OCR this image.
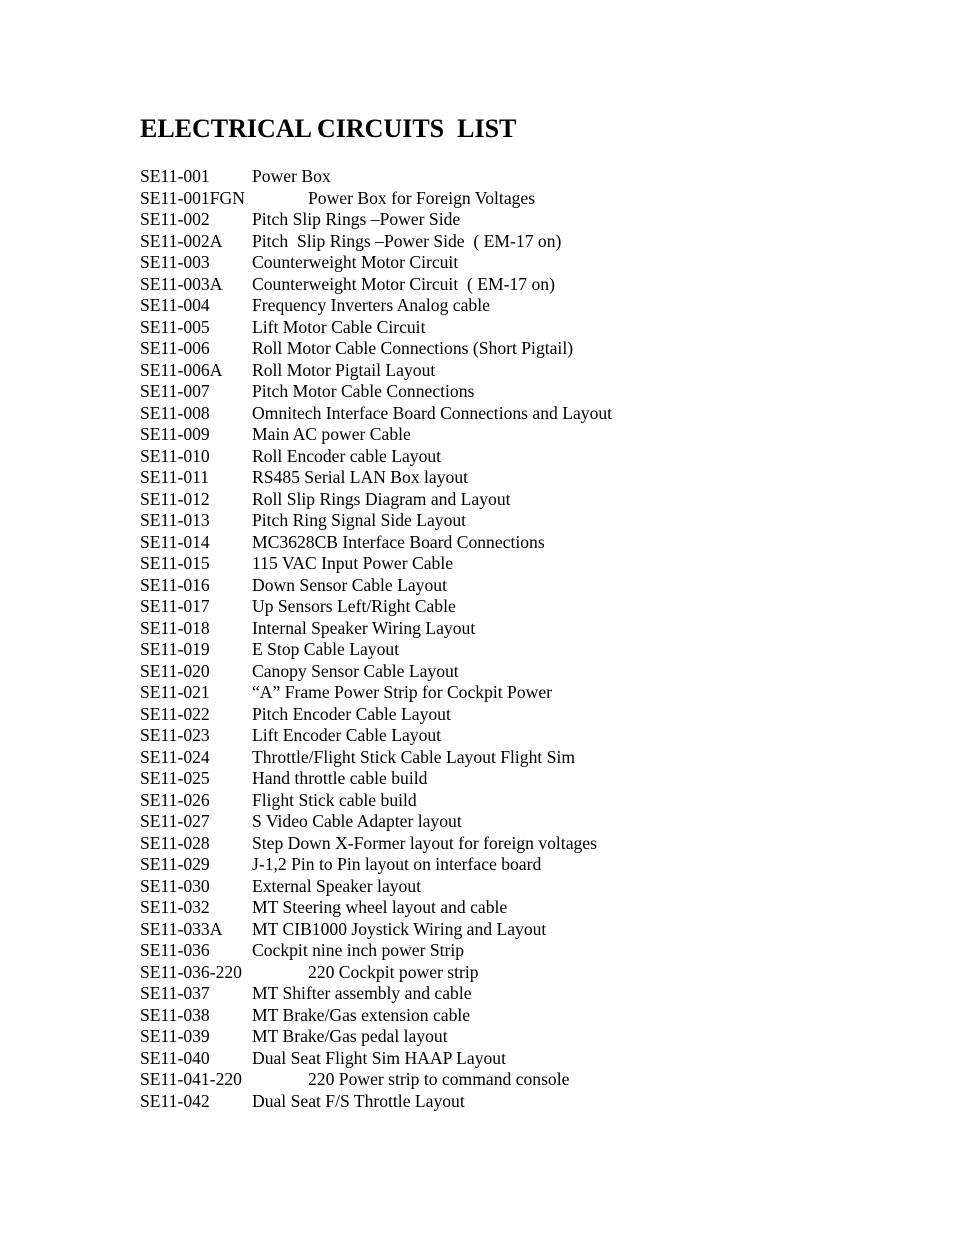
ELECTRICAL CIRCUITS  LIST
SE11-001 Power Box
SE11-001FGN	Power Box for Foreign Voltages
SE11-002 Pitch Slip Rings –Power Side
SE11-002A Pitch  Slip Rings –Power Side  ( EM-17 on)
SE11-003 Counterweight Motor Circuit
SE11-003A Counterweight Motor Circuit  ( EM-17 on)
SE11-004 Frequency Inverters Analog cable
SE11-005 Lift Motor Cable Circuit
SE11-006 Roll Motor Cable Connections (Short Pigtail)
SE11-006A Roll Motor Pigtail Layout
SE11-007 Pitch Motor Cable Connections
SE11-008 Omnitech Interface Board Connections and Layout
SE11-009 Main AC power Cable
SE11-010 Roll Encoder cable Layout
SE11-011 RS485 Serial LAN Box layout
SE11-012 Roll Slip Rings Diagram and Layout
SE11-013 Pitch Ring Signal Side Layout
SE11-014 MC3628CB Interface Board Connections
SE11-015 115 VAC Input Power Cable
SE11-016 Down Sensor Cable Layout
SE11-017 Up Sensors Left/Right Cable
SE11-018 Internal Speaker Wiring Layout
SE11-019 E Stop Cable Layout
SE11-020 Canopy Sensor Cable Layout
SE11-021 “A” Frame Power Strip for Cockpit Power
SE11-022 Pitch Encoder Cable Layout
SE11-023 Lift Encoder Cable Layout
SE11-024 Throttle/Flight Stick Cable Layout Flight Sim
SE11-025 Hand throttle cable build
SE11-026 Flight Stick cable build
SE11-027 S Video Cable Adapter layout
SE11-028 Step Down X-Former layout for foreign voltages
SE11-029 J-1,2 Pin to Pin layout on interface board
SE11-030 External Speaker layout
SE11-032 MT Steering wheel layout and cable
SE11-033A MT CIB1000 Joystick Wiring and Layout
SE11-036 Cockpit nine inch power Strip
SE11-036-220	220 Cockpit power strip
SE11-037 MT Shifter assembly and cable
SE11-038 MT Brake/Gas extension cable
SE11-039 MT Brake/Gas pedal layout
SE11-040 Dual Seat Flight Sim HAAP Layout
SE11-041-220	220 Power strip to command console
SE11-042 Dual Seat F/S Throttle Layout
